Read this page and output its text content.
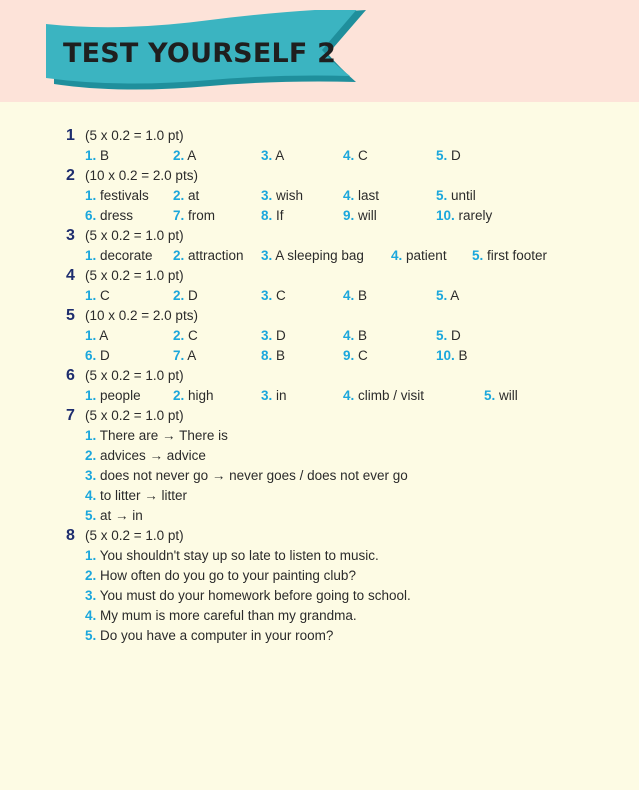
TEST YOURSELF 2
1 (5 x 0.2 = 1.0 pt)
1. B	2. A	3. A	4. C	5. D
2 (10 x 0.2 = 2.0 pts)
1. festivals 2. at	3. wish	4. last	5. until
6. dress	7. from	8. If	9. will	10. rarely
3 (5 x 0.2 = 1.0 pt)
1. decorate 2. attraction 3. A sleeping bag 4. patient 5. first footer
4 (5 x 0.2 = 1.0 pt)
1. C	2. D	3. C	4. B	5. A
5 (10 x 0.2 = 2.0 pts)
1. A	2. C	3. D	4. B	5. D
6. D	7. A	8. B	9. C	10. B
6 (5 x 0.2 = 1.0 pt)
1. people 2. high	3. in	4. climb / visit	5. will
7 (5 x 0.2 = 1.0 pt)
1. There are → There is
2. advices → advice
3. does not never go → never goes / does not ever go
4. to litter → litter
5. at → in
8 (5 x 0.2 = 1.0 pt)
1. You shouldn't stay up so late to listen to music.
2. How often do you go to your painting club?
3. You must do your homework before going to school.
4. My mum is more careful than my grandma.
5. Do you have a computer in your room?
